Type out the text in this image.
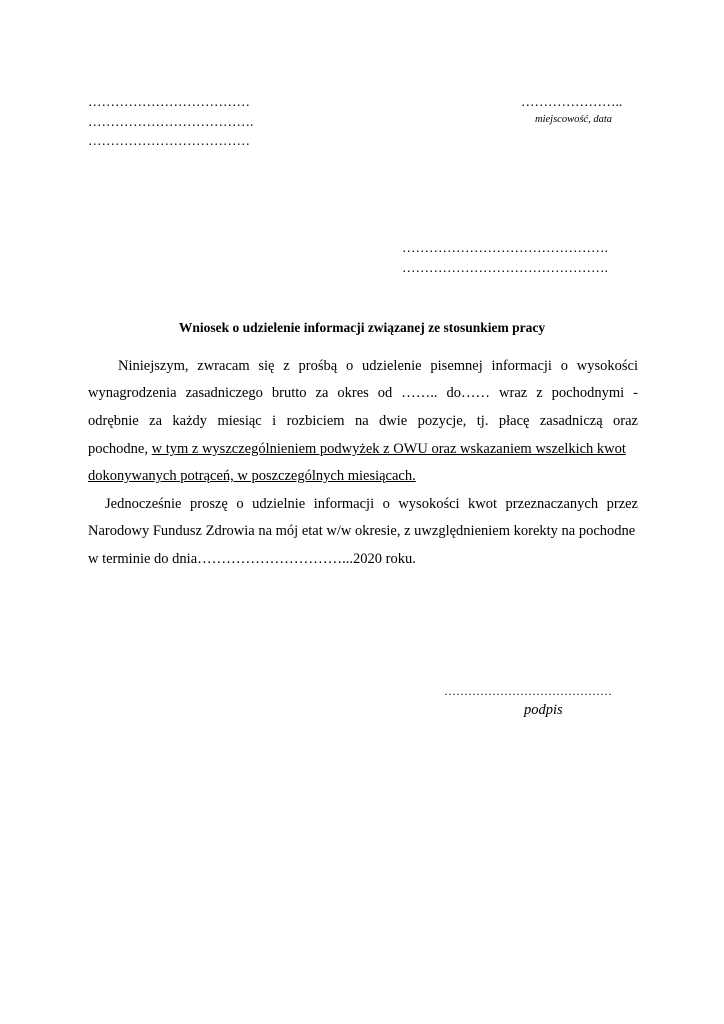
………………………………
……………………………….
………………………………
…………………..
miejscowość, data
……………………………………….
……………………………………….
Wniosek o udzielenie informacji związanej ze stosunkiem pracy
Niniejszym, zwracam się z prośbą o udzielenie pisemnej informacji o wysokości
wynagrodzenia zasadniczego brutto za okres od …….. do…… wraz z pochodnymi -
odrębnie za każdy miesiąc i rozbiciem na dwie pozycje, tj. płacę zasadniczą oraz
pochodne, w tym z wyszczególnieniem podwyżek z OWU oraz wskazaniem wszelkich kwot
dokonywanych potrąceń, w poszczególnych miesiącach.
Jednocześnie proszę o udzielnie informacji o wysokości kwot przeznaczanych przez
Narodowy Fundusz Zdrowia na mój etat w/w okresie, z uwzględnieniem korekty na pochodne
w terminie do dnia…………………………...2020 roku.
……………………………………
podpis
